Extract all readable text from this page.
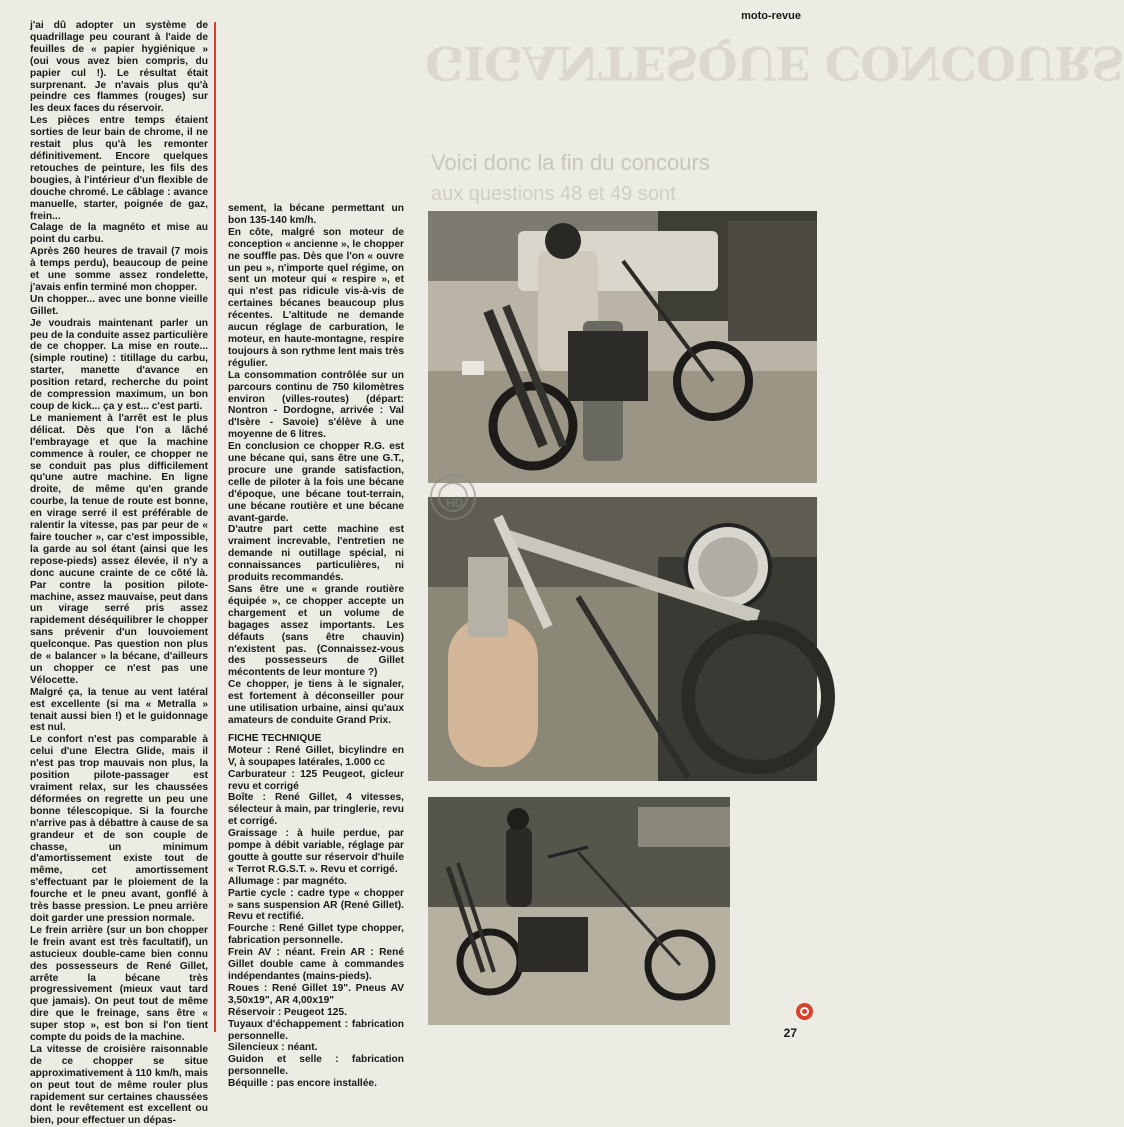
moto-revue
GIGANTESQUE CONCOURS
Voici donc la fin du concours
aux questions 48 et 49 sont

j'ai dû adopter un système de quadrillage peu courant à l'aide de feuilles de « papier hygiénique » (oui vous avez bien compris, du papier cul !). Le résultat était surprenant. Je n'avais plus qu'à peindre ces flammes (rouges) sur les deux faces du réservoir.

Les pièces entre temps étaient sorties de leur bain de chrome, il ne restait plus qu'à les remonter définitivement. Encore quelques retouches de peinture, les fils des bougies, à l'intérieur d'un flexible de douche chromé. Le câblage : avance manuelle, starter, poignée de gaz, frein...

Calage de la magnéto et mise au point du carbu.

Après 260 heures de travail (7 mois à temps perdu), beaucoup de peine et une somme assez rondelette, j'avais enfin terminé mon chopper.

Un chopper... avec une bonne vieille Gillet.

Je voudrais maintenant parler un peu de la conduite assez particulière de ce chopper. La mise en route... (simple routine) : titillage du carbu, starter, manette d'avance en position retard, recherche du point de compression maximum, un bon coup de kick... ça y est... c'est parti.

Le maniement à l'arrêt est le plus délicat. Dès que l'on a lâché l'embrayage et que la machine commence à rouler, ce chopper ne se conduit pas plus difficilement qu'une autre machine. En ligne droite, de même qu'en grande courbe, la tenue de route est bonne, en virage serré il est préférable de ralentir la vitesse, pas par peur de « faire toucher », car c'est impossible, la garde au sol étant (ainsi que les repose-pieds) assez élevée, il n'y a donc aucune crainte de ce côté là. Par contre la position pilote-machine, assez mauvaise, peut dans un virage serré pris assez rapidement déséquilibrer le chopper sans prévenir d'un louvoiement quelconque. Pas question non plus de « balancer » la bécane, d'ailleurs un chopper ce n'est pas une Vélocette.

Malgré ça, la tenue au vent latéral est excellente (si ma « Metralla » tenait aussi bien !) et le guidonnage est nul.

Le confort n'est pas comparable à celui d'une Electra Glide, mais il n'est pas trop mauvais non plus, la position pilote-passager est vraiment relax, sur les chaussées déformées on regrette un peu une bonne télescopique. Si la fourche n'arrive pas à débattre à cause de sa grandeur et de son couple de chasse, un minimum d'amortissement existe tout de même, cet amortissement s'effectuant par le ploiement de la fourche et le pneu avant, gonflé à très basse pression. Le pneu arrière doit garder une pression normale.

Le frein arrière (sur un bon chopper le frein avant est très facultatif), un astucieux double-came bien connu des possesseurs de René Gillet, arrête la bécane très progressivement (mieux vaut tard que jamais). On peut tout de même dire que le freinage, sans être « super stop », est bon si l'on tient compte du poids de la machine.

La vitesse de croisière raisonnable de ce chopper se situe approximativement à 110 km/h, mais on peut tout de même rouler plus rapidement sur certaines chaussées dont le revêtement est excellent ou bien, pour effectuer un dépas-

sement, la bécane permettant un bon 135-140 km/h.

En côte, malgré son moteur de conception « ancienne », le chopper ne souffle pas. Dès que l'on « ouvre un peu », n'importe quel régime, on sent un moteur qui « respire », et qui n'est pas ridicule vis-à-vis de certaines bécanes beaucoup plus récentes. L'altitude ne demande aucun réglage de carburation, le moteur, en haute-montagne, respire toujours à son rythme lent mais très régulier.

La consommation contrôlée sur un parcours continu de 750 kilomètres environ (villes-routes) (départ: Nontron - Dordogne, arrivée : Val d'Isère - Savoie) s'élève à une moyenne de 6 litres.

En conclusion ce chopper R.G. est une bécane qui, sans être une G.T., procure une grande satisfaction, celle de piloter à la fois une bécane d'époque, une bécane tout-terrain, une bécane routière et une bécane avant-garde.

D'autre part cette machine est vraiment increvable, l'entretien ne demande ni outillage spécial, ni connaissances particulières, ni produits recommandés.

Sans être une « grande routière équipée », ce chopper accepte un chargement et un volume de bagages assez importants. Les défauts (sans être chauvin) n'existent pas. (Connaissez-vous des possesseurs de Gillet mécontents de leur monture ?)

Ce chopper, je tiens à le signaler, est fortement à déconseiller pour une utilisation urbaine, ainsi qu'aux amateurs de conduite Grand Prix.

FICHE TECHNIQUE

Moteur : René Gillet, bicylindre en V, à soupapes latérales, 1.000 cc

Carburateur : 125 Peugeot, gicleur revu et corrigé

Boîte : René Gillet, 4 vitesses, sélecteur à main, par tringlerie, revu et corrigé.

Graissage : à huile perdue, par pompe à débit variable, réglage par goutte à goutte sur réservoir d'huile « Terrot R.G.S.T. ». Revu et corrigé.

Allumage : par magnéto.

Partie cycle : cadre type « chopper » sans suspension AR (René Gillet). Revu et rectifié.

Fourche : René Gillet type chopper, fabrication personnelle.

Frein AV : néant. Frein AR : René Gillet double came à commandes indépendantes (mains-pieds).

Roues : René Gillet 19". Pneus AV 3,50x19", AR 4,00x19"

Réservoir : Peugeot 125.

Tuyaux d'échappement : fabrication personnelle.

Silencieux : néant.

Guidon et selle : fabrication personnelle.

Béquille : pas encore installée.

HD
27
